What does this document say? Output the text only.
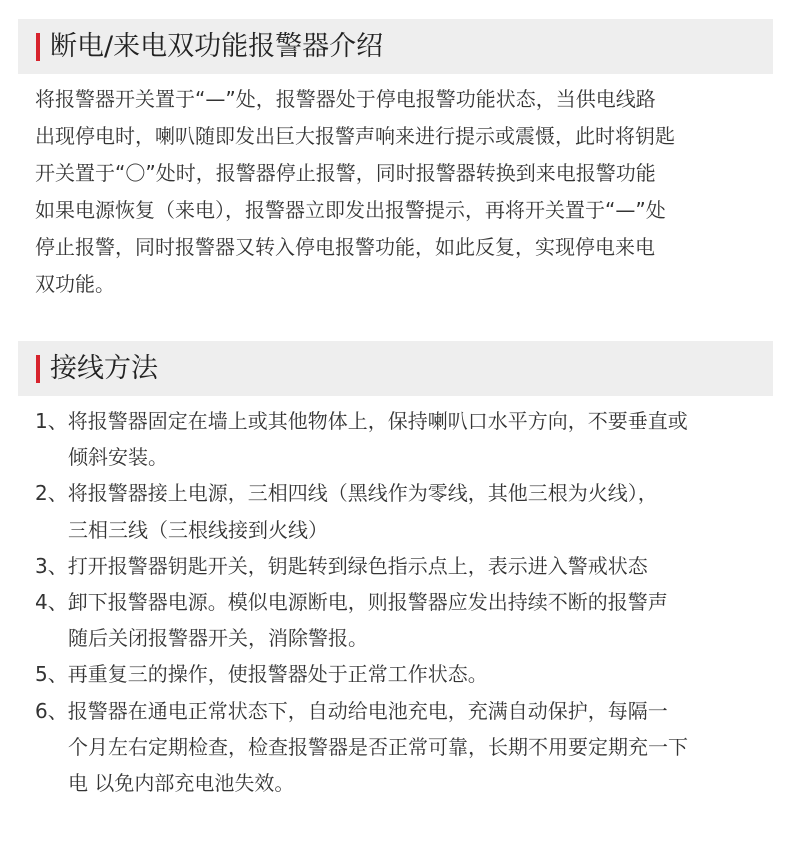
断电/来电双功能报警器介绍
将报警器开关置于“—”处，报警器处于停电报警功能状态，当供电线路
出现停电时，喇叭随即发出巨大报警声响来进行提示或震慑，此时将钥匙
开关置于“〇”处时，报警器停止报警，同时报警器转换到来电报警功能
如果电源恢复（来电），报警器立即发出报警提示，再将开关置于“—”处
停止报警，同时报警器又转入停电报警功能，如此反复，实现停电来电
双功能。
接线方法
1、将报警器固定在墙上或其他物体上，保持喇叭口水平方向，不要垂直或
倾斜安装。
2、将报警器接上电源，三相四线（黑线作为零线，其他三根为火线），
三相三线（三根线接到火线）
3、打开报警器钥匙开关，钥匙转到绿色指示点上，表示进入警戒状态
4、卸下报警器电源。模似电源断电，则报警器应发出持续不断的报警声
随后关闭报警器开关，消除警报。
5、再重复三的操作，使报警器处于正常工作状态。
6、报警器在通电正常状态下，自动给电池充电，充满自动保护，每隔一
个月左右定期检查，检查报警器是否正常可靠，长期不用要定期充一下
电 以免内部充电池失效。
